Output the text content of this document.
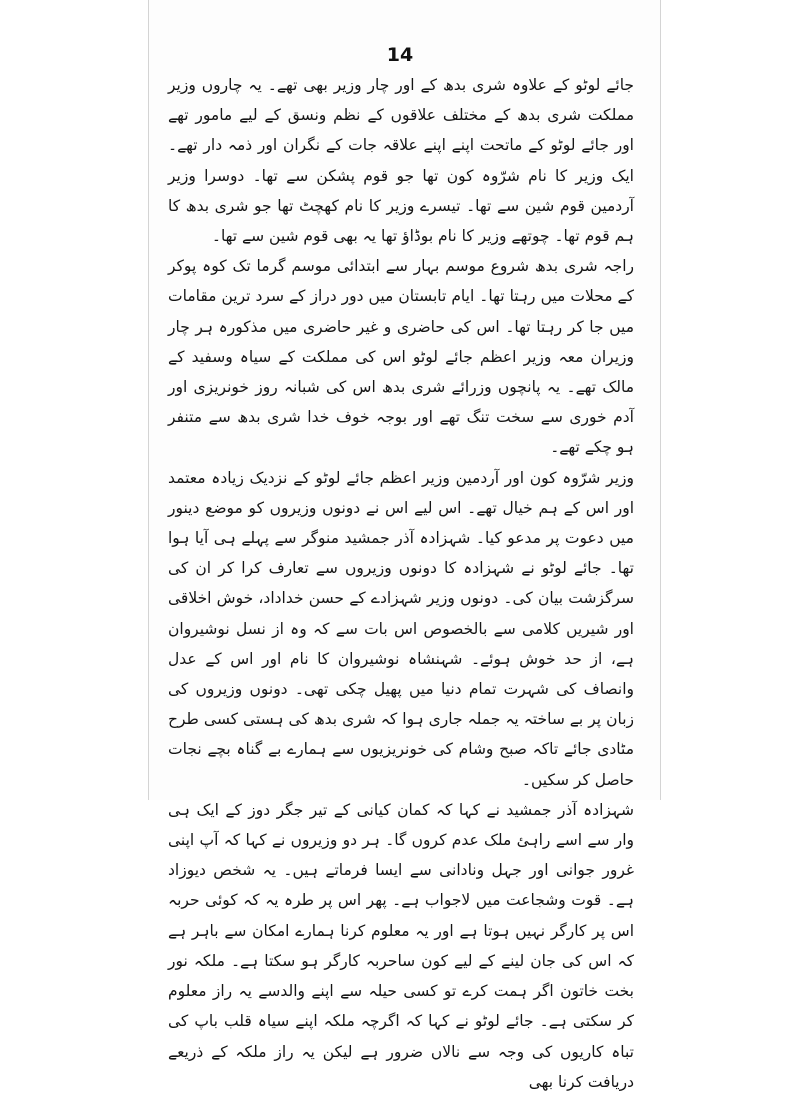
14

جائے لوٹو کے علاوہ شری بدھ کے اور چار وزیر بھی تھے۔ یہ چاروں وزیر مملکت شری بدھ کے مختلف علاقوں کے نظم ونسق کے لیے مامور تھے اور جائے لوٹو کے ماتحت اپنے اپنے علاقہ جات کے نگران اور ذمہ دار تھے۔ ایک وزیر کا نام شرّوہ کون تھا جو قوم پشکن سے تھا۔ دوسرا وزیر آردمین قوم شین سے تھا۔ تیسرے وزیر کا نام کھچٹ تھا جو شری بدھ کا ہم قوم تھا۔ چوتھے وزیر کا نام بوڈاؤ تھا یہ بھی قوم شین سے تھا۔

راجہ شری بدھ شروع موسم بہار سے ابتدائی موسم گرما تک کوہ پوکر کے محلات میں رہتا تھا۔ ایام تابستان میں دور دراز کے سرد ترین مقامات میں جا کر رہتا تھا۔ اس کی حاضری و غیر حاضری میں مذکورہ ہر چار وزیران معہ وزیر اعظم جائے لوٹو اس کی مملکت کے سیاہ وسفید کے مالک تھے۔ یہ پانچوں وزرائے شری بدھ اس کی شبانہ روز خونریزی اور آدم خوری سے سخت تنگ تھے اور بوجہ خوف خدا شری بدھ سے متنفر ہو چکے تھے۔

وزیر شرّوہ کون اور آردمین وزیر اعظم جائے لوٹو کے نزدیک زیادہ معتمد اور اس کے ہم خیال تھے۔ اس لیے اس نے دونوں وزیروں کو موضع دینور میں دعوت پر مدعو کیا۔ شہزادہ آذر جمشید منوگر سے پہلے ہی آیا ہوا تھا۔ جائے لوٹو نے شہزادہ کا دونوں وزیروں سے تعارف کرا کر ان کی سرگزشت بیان کی۔ دونوں وزیر شہزادے کے حسن خداداد، خوش اخلاقی اور شیریں کلامی سے بالخصوص اس بات سے کہ وہ از نسل نوشیروان ہے، از حد خوش ہوئے۔ شہنشاہ نوشیروان کا نام اور اس کے عدل وانصاف کی شہرت تمام دنیا میں پھیل چکی تھی۔ دونوں وزیروں کی زبان پر بے ساختہ یہ جملہ جاری ہوا کہ شری بدھ کی ہستی کسی طرح مٹادی جائے تاکہ صبح وشام کی خونریزیوں سے ہمارے بے گناہ بچے نجات حاصل کر سکیں۔

شہزادہ آذر جمشید نے کہا کہ کمان کیانی کے تیر جگر دوز کے ایک ہی وار سے اسے راہئ ملک عدم کروں گا۔ ہر دو وزیروں نے کہا کہ آپ اپنی غرور جوانی اور جہل ونادانی سے ایسا فرماتے ہیں۔ یہ شخص دیوزاد ہے۔ قوت وشجاعت میں لاجواب ہے۔ پھر اس پر طرہ یہ کہ کوئی حربہ اس پر کارگر نہیں ہوتا ہے اور یہ معلوم کرنا ہمارے امکان سے باہر ہے کہ اس کی جان لینے کے لیے کون ساحربہ کارگر ہو سکتا ہے۔ ملکہ نور بخت خاتون اگر ہمت کرے تو کسی حیلہ سے اپنے والدسے یہ راز معلوم کر سکتی ہے۔ جائے لوٹو نے کہا کہ اگرچہ ملکہ اپنے سیاہ قلب باپ کی تباہ کاریوں کی وجہ سے نالاں ضرور ہے لیکن یہ راز ملکہ کے ذریعے دریافت کرنا بھی
